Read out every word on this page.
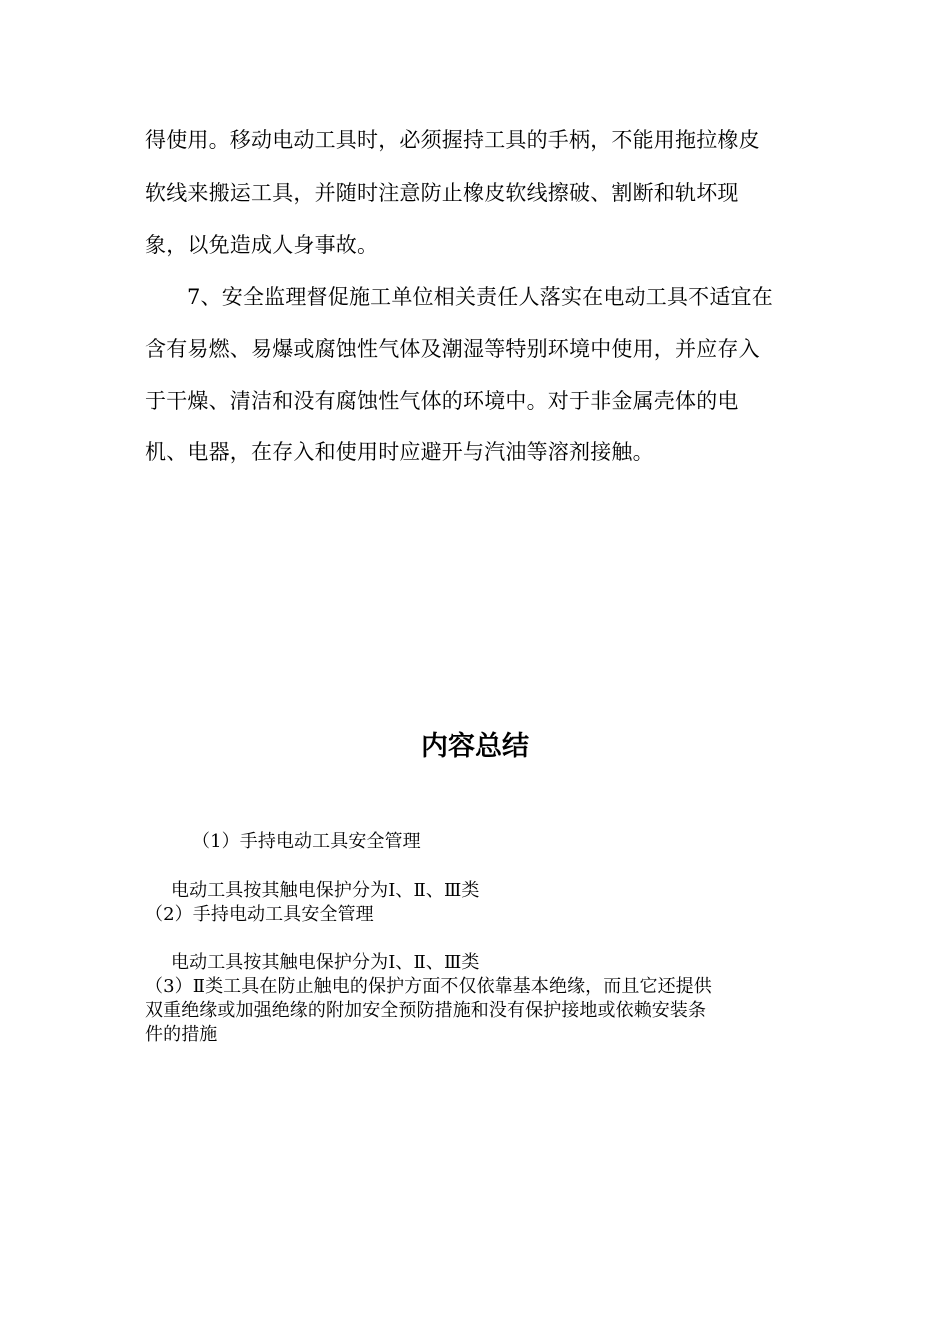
得使用。移动电动工具时，必须握持工具的手柄，不能用拖拉橡皮

软线来搬运工具，并随时注意防止橡皮软线擦破、割断和轨坏现

象，以免造成人身事故。

7、安全监理督促施工单位相关责任人落实在电动工具不适宜在

含有易燃、易爆或腐蚀性气体及潮湿等特别环境中使用，并应存入

于干燥、清洁和没有腐蚀性气体的环境中。对于非金属壳体的电

机、电器，在存入和使用时应避开与汽油等溶剂接触。

内容总结

（1）手持电动工具安全管理

电动工具按其触电保护分为Ⅰ、Ⅱ、Ⅲ类

（2）手持电动工具安全管理

电动工具按其触电保护分为Ⅰ、Ⅱ、Ⅲ类

（3）Ⅱ类工具在防止触电的保护方面不仅依靠基本绝缘，而且它还提供

双重绝缘或加强绝缘的附加安全预防措施和没有保护接地或依赖安装条

件的措施
